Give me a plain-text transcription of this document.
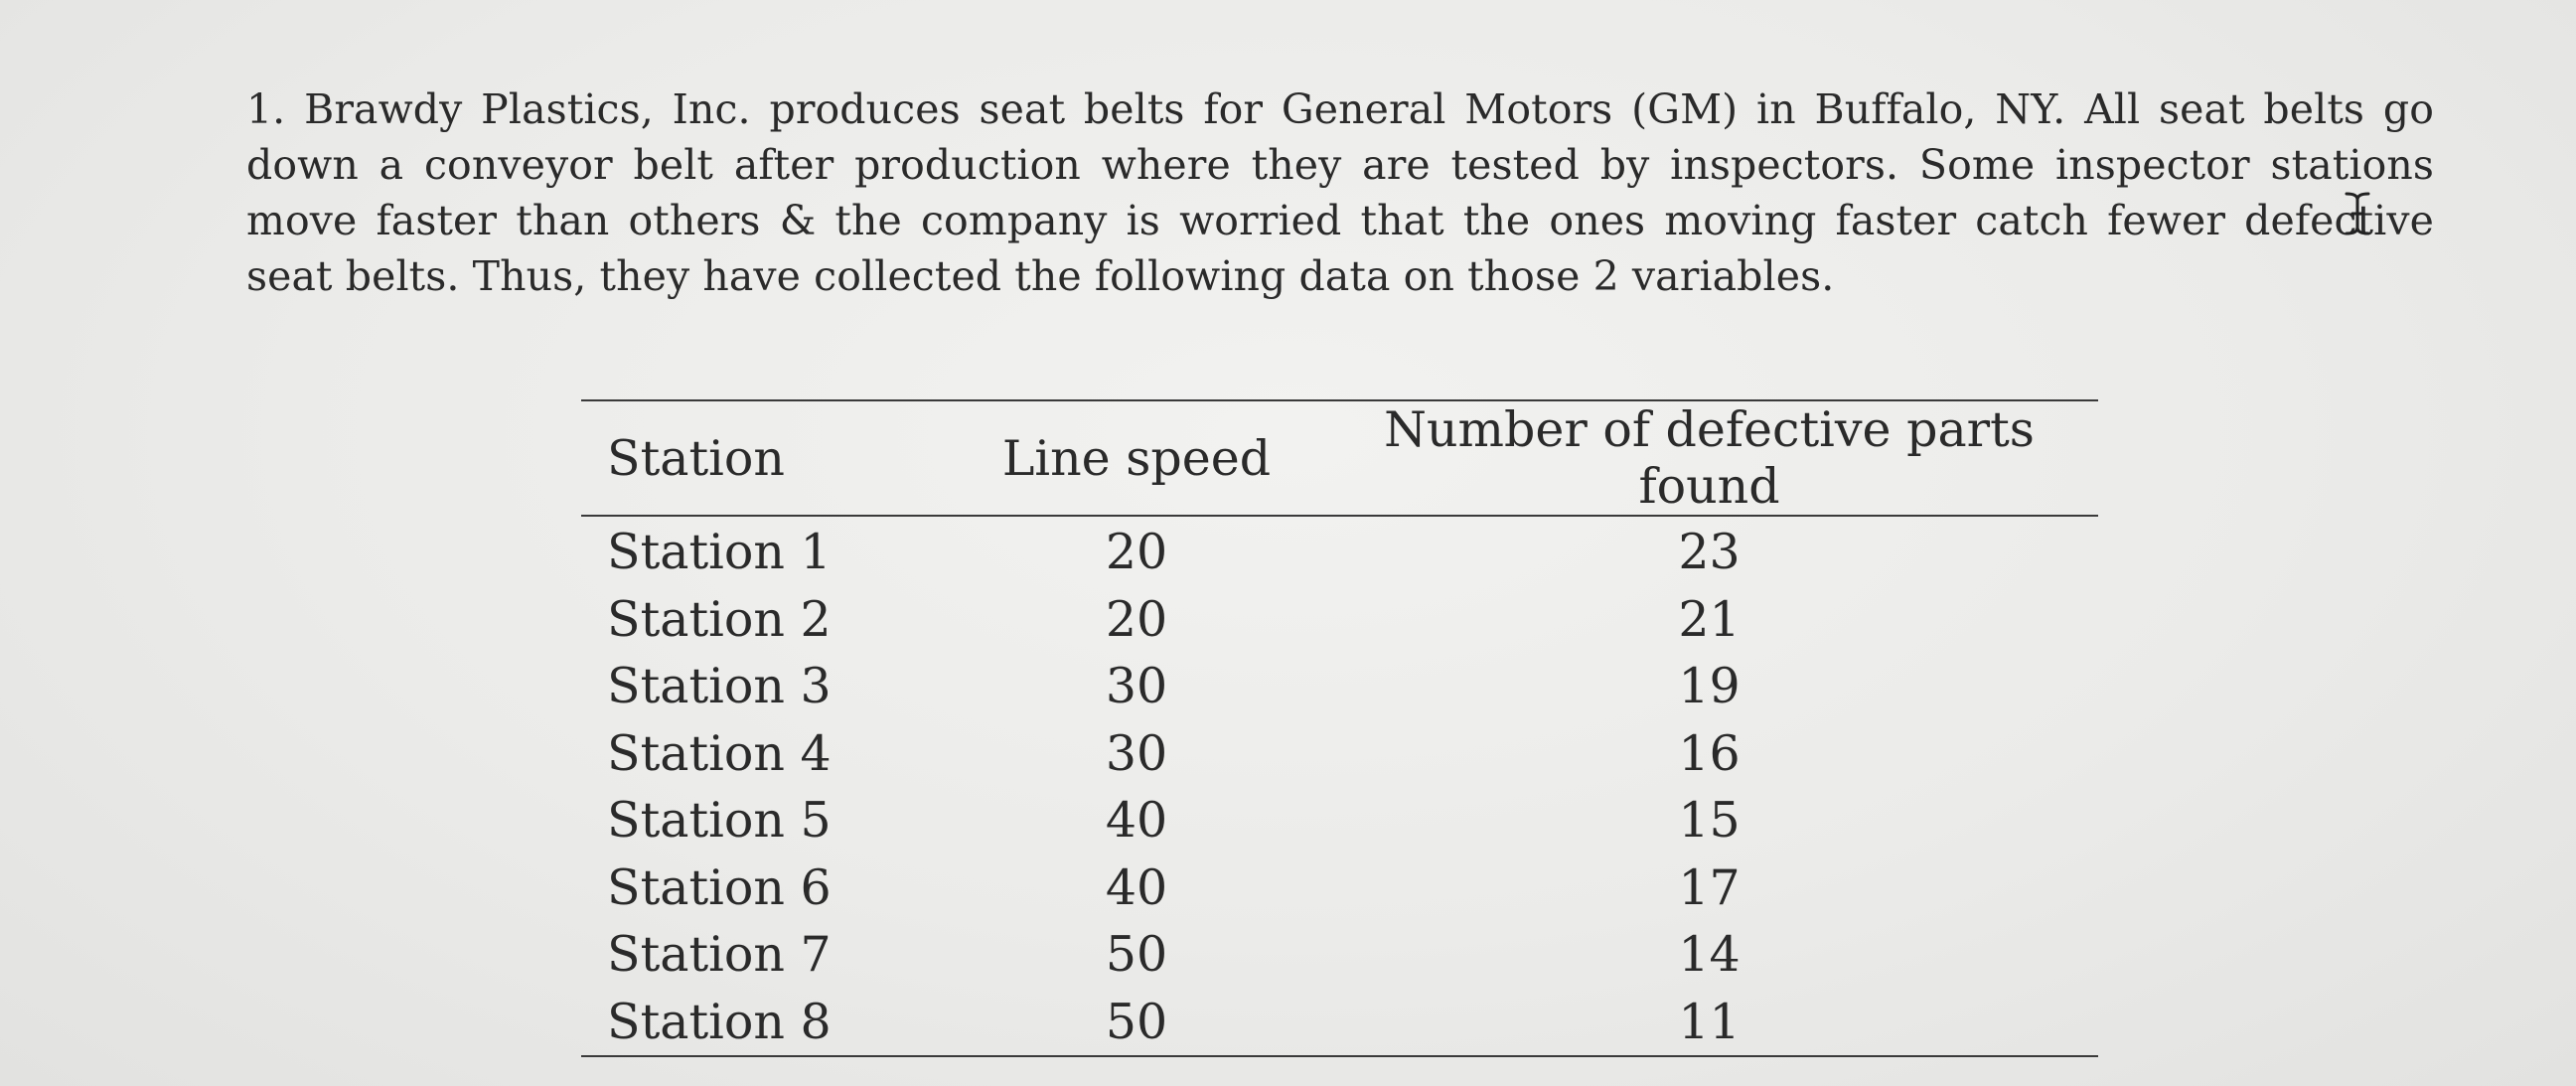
1. Brawdy Plastics, Inc. produces seat belts for General Motors (GM) in Buffalo, NY. All seat belts go down a conveyor belt after production where they are tested by inspectors. Some inspector stations move faster than others & the company is worried that the ones moving faster catch fewer defective seat belts. Thus, they have collected the following data on those 2 variables.

Station	Line speed	Number of defective parts found
Station 1	20	23
Station 2	20	21
Station 3	30	19
Station 4	30	16
Station 5	40	15
Station 6	40	17
Station 7	50	14
Station 8	50	11
